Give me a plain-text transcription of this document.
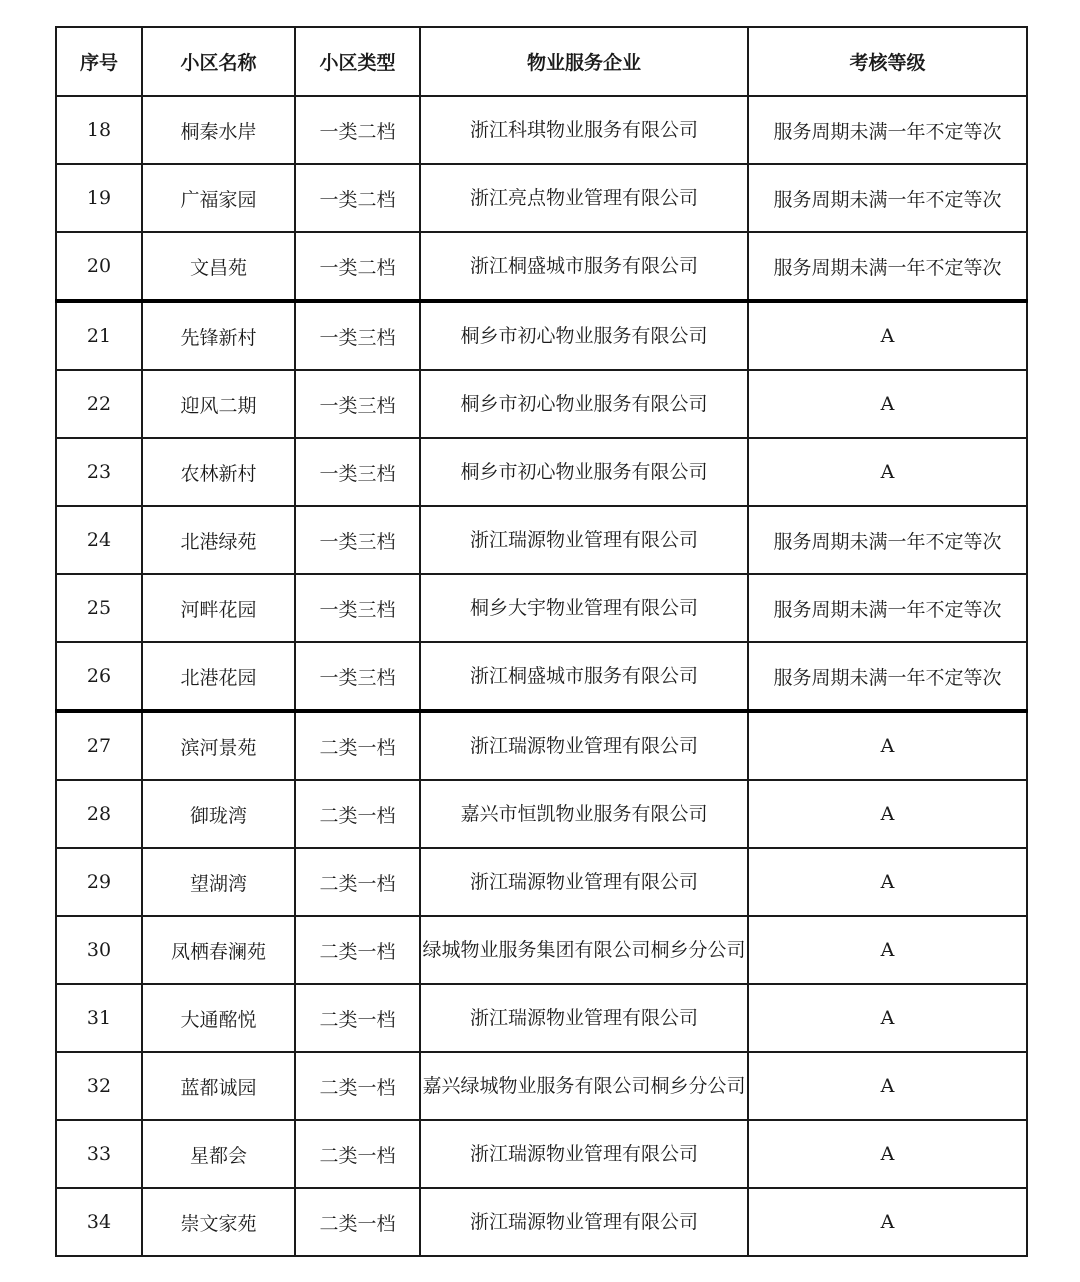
序号	小区名称	小区类型	物业服务企业	考核等级
18	桐秦水岸	一类二档	浙江科琪物业服务有限公司	服务周期未满一年不定等次
19	广福家园	一类二档	浙江亮点物业管理有限公司	服务周期未满一年不定等次
20	文昌苑	一类二档	浙江桐盛城市服务有限公司	服务周期未满一年不定等次
21	先锋新村	一类三档	桐乡市初心物业服务有限公司	A
22	迎风二期	一类三档	桐乡市初心物业服务有限公司	A
23	农林新村	一类三档	桐乡市初心物业服务有限公司	A
24	北港绿苑	一类三档	浙江瑞源物业管理有限公司	服务周期未满一年不定等次
25	河畔花园	一类三档	桐乡大宇物业管理有限公司	服务周期未满一年不定等次
26	北港花园	一类三档	浙江桐盛城市服务有限公司	服务周期未满一年不定等次
27	滨河景苑	二类一档	浙江瑞源物业管理有限公司	A
28	御珑湾	二类一档	嘉兴市恒凯物业服务有限公司	A
29	望湖湾	二类一档	浙江瑞源物业管理有限公司	A
30	凤栖春澜苑	二类一档	绿城物业服务集团有限公司桐乡分公司	A
31	大通酩悦	二类一档	浙江瑞源物业管理有限公司	A
32	蓝都诚园	二类一档	嘉兴绿城物业服务有限公司桐乡分公司	A
33	星都会	二类一档	浙江瑞源物业管理有限公司	A
34	崇文家苑	二类一档	浙江瑞源物业管理有限公司	A
